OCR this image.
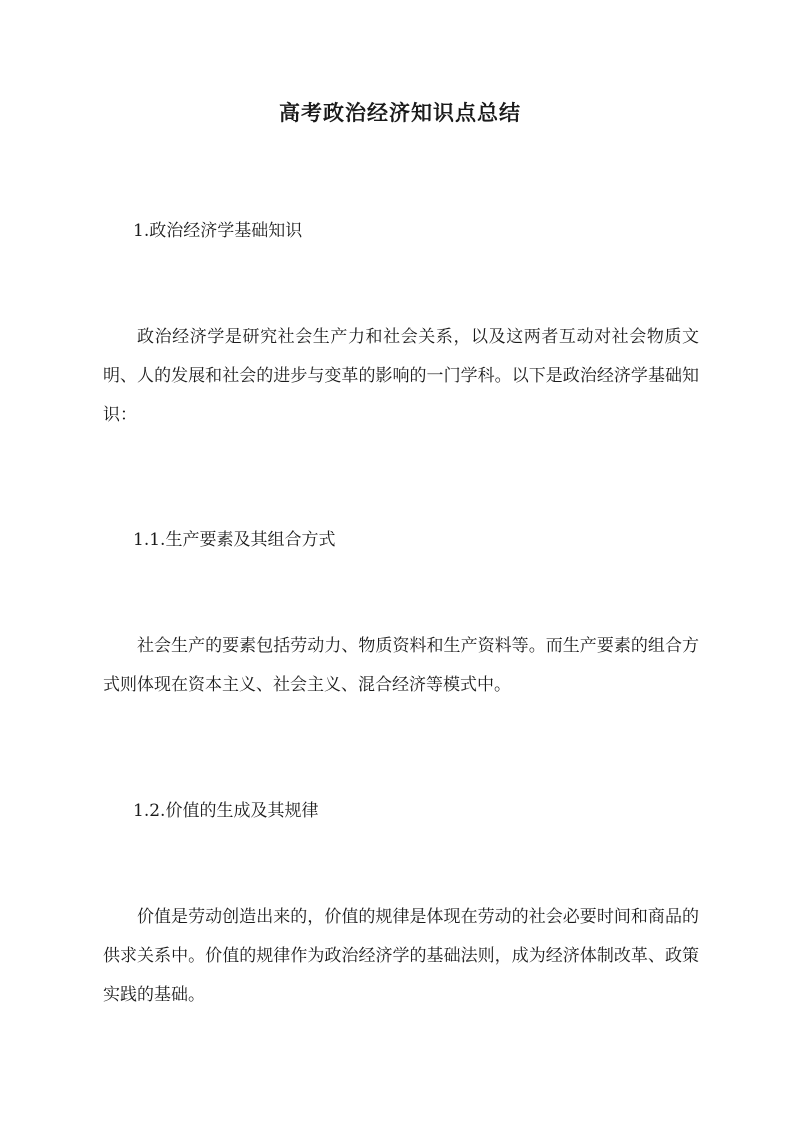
高考政治经济知识点总结
1.政治经济学基础知识

政治经济学是研究社会生产力和社会关系，以及这两者互动对社会物质文明、人的发展和社会的进步与变革的影响的一门学科。以下是政治经济学基础知识：

1.1.生产要素及其组合方式

社会生产的要素包括劳动力、物质资料和生产资料等。而生产要素的组合方式则体现在资本主义、社会主义、混合经济等模式中。

1.2.价值的生成及其规律

价值是劳动创造出来的，价值的规律是体现在劳动的社会必要时间和商品的供求关系中。价值的规律作为政治经济学的基础法则，成为经济体制改革、政策实践的基础。
